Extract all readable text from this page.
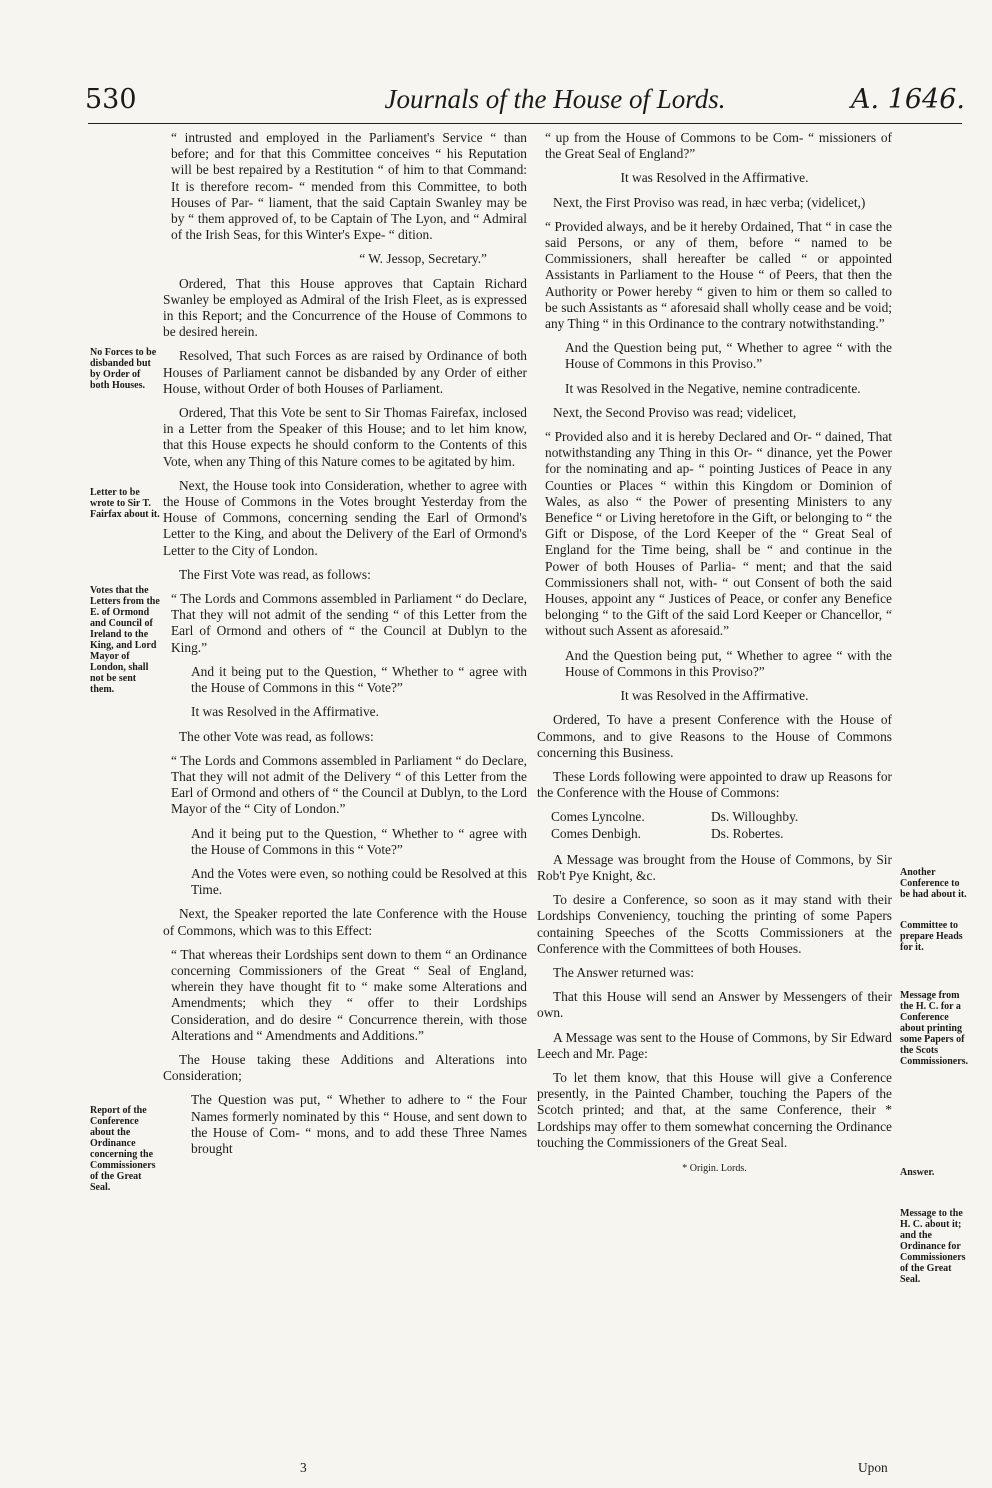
530	Journals of the House of Lords.	A. 1646.
No Forces to be disbanded but by Order of both Houses.
Letter to be wrote to Sir T. Fairfax about it.
Votes that the Letters from the E. of Ormond and Council of Ireland to the King, and Lord Mayor of London, shall not be sent them.
Report of the Conference about the Ordinance concerning the Commissioners of the Great Seal.
Another Conference to be had about it.
Committee to prepare Heads for it.
Message from the H. C. for a Conference about printing some Papers of the Scots Commissioners.
Answer.
Message to the H. C. about it; and the Ordinance for Commissioners of the Great Seal.

“ intrusted and employed in the Parliament's Service “ than before; and for that this Committee conceives “ his Reputation will be best repaired by a Restitution “ of him to that Command: It is therefore recom- “ mended from this Committee, to both Houses of Par- “ liament, that the said Captain Swanley may be by “ them approved of, to be Captain of The Lyon, and “ Admiral of the Irish Seas, for this Winter's Expe- “ dition.

“ W. Jessop, Secretary.”

Ordered, That this House approves that Captain Richard Swanley be employed as Admiral of the Irish Fleet, as is expressed in this Report; and the Concurrence of the House of Commons to be desired herein.

Resolved, That such Forces as are raised by Ordinance of both Houses of Parliament cannot be disbanded by any Order of either House, without Order of both Houses of Parliament.

Ordered, That this Vote be sent to Sir Thomas Fairefax, inclosed in a Letter from the Speaker of this House; and to let him know, that this House expects he should conform to the Contents of this Vote, when any Thing of this Nature comes to be agitated by him.

Next, the House took into Consideration, whether to agree with the House of Commons in the Votes brought Yesterday from the House of Commons, concerning sending the Earl of Ormond's Letter to the King, and about the Delivery of the Earl of Ormond's Letter to the City of London.

The First Vote was read, as follows:

“ The Lords and Commons assembled in Parliament “ do Declare, That they will not admit of the sending “ of this Letter from the Earl of Ormond and others of “ the Council at Dublyn to the King.”

And it being put to the Question, “ Whether to “ agree with the House of Commons in this “ Vote?”

It was Resolved in the Affirmative.

The other Vote was read, as follows:

“ The Lords and Commons assembled in Parliament “ do Declare, That they will not admit of the Delivery “ of this Letter from the Earl of Ormond and others of “ the Council at Dublyn, to the Lord Mayor of the “ City of London.”

And it being put to the Question, “ Whether to “ agree with the House of Commons in this “ Vote?”

And the Votes were even, so nothing could be Resolved at this Time.

Next, the Speaker reported the late Conference with the House of Commons, which was to this Effect:

“ That whereas their Lordships sent down to them “ an Ordinance concerning Commissioners of the Great “ Seal of England, wherein they have thought fit to “ make some Alterations and Amendments; which they “ offer to their Lordships Consideration, and do desire “ Concurrence therein, with those Alterations and “ Amendments and Additions.”

The House taking these Additions and Alterations into Consideration;

The Question was put, “ Whether to adhere to “ the Four Names formerly nominated by this “ House, and sent down to the House of Com- “ mons, and to add these Three Names brought

3

“ up from the House of Commons to be Com- “ missioners of the Great Seal of England?”

It was Resolved in the Affirmative.

Next, the First Proviso was read, in hæc verba; (videlicet,)

“ Provided always, and be it hereby Ordained, That “ in case the said Persons, or any of them, before “ named to be Commissioners, shall hereafter be called “ or appointed Assistants in Parliament to the House “ of Peers, that then the Authority or Power hereby “ given to him or them so called to be such Assistants as “ aforesaid shall wholly cease and be void; any Thing “ in this Ordinance to the contrary notwithstanding.”

And the Question being put, “ Whether to agree “ with the House of Commons in this Proviso.”

It was Resolved in the Negative, nemine contradicente.

Next, the Second Proviso was read; videlicet,

“ Provided also and it is hereby Declared and Or- “ dained, That notwithstanding any Thing in this Or- “ dinance, yet the Power for the nominating and ap- “ pointing Justices of Peace in any Counties or Places “ within this Kingdom or Dominion of Wales, as also “ the Power of presenting Ministers to any Benefice “ or Living heretofore in the Gift, or belonging to “ the Gift or Dispose, of the Lord Keeper of the “ Great Seal of England for the Time being, shall be “ and continue in the Power of both Houses of Parlia- “ ment; and that the said Commissioners shall not, with- “ out Consent of both the said Houses, appoint any “ Justices of Peace, or confer any Benefice belonging “ to the Gift of the said Lord Keeper or Chancellor, “ without such Assent as aforesaid.”

And the Question being put, “ Whether to agree “ with the House of Commons in this Proviso?”

It was Resolved in the Affirmative.

Ordered, To have a present Conference with the House of Commons, and to give Reasons to the House of Commons concerning this Business.

These Lords following were appointed to draw up Reasons for the Conference with the House of Commons:

Comes Lyncolne.	Ds. Willoughby.
Comes Denbigh.	Ds. Robertes.

A Message was brought from the House of Commons, by Sir Rob't Pye Knight, &c.

To desire a Conference, so soon as it may stand with their Lordships Conveniency, touching the printing of some Papers containing Speeches of the Scotts Commissioners at the Conference with the Committees of both Houses.

The Answer returned was:

That this House will send an Answer by Messengers of their own.

A Message was sent to the House of Commons, by Sir Edward Leech and Mr. Page:

To let them know, that this House will give a Conference presently, in the Painted Chamber, touching the Papers of the Scotch printed; and that, at the same Conference, their * Lordships may offer to them somewhat concerning the Ordinance touching the Commissioners of the Great Seal.

* Origin. Lords.
Upon
